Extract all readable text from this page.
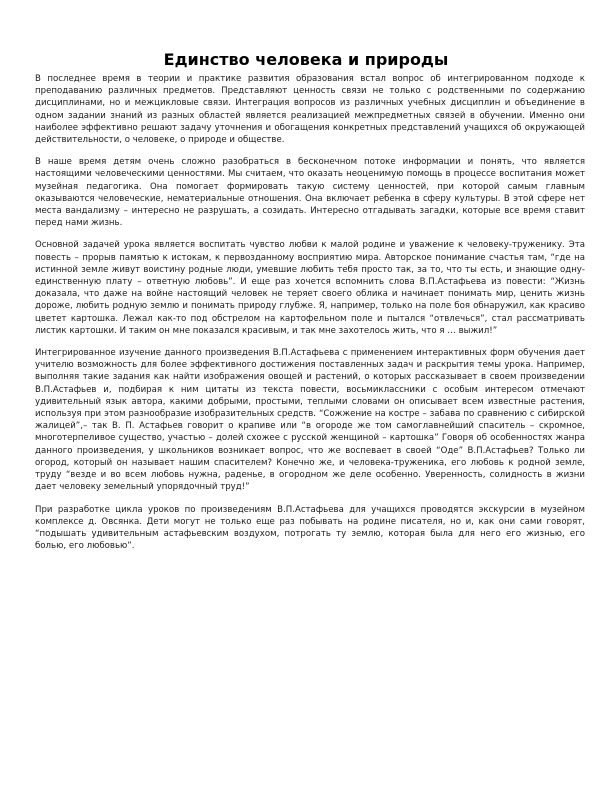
Единство человека и природы

В последнее время в теории и практике развития образования встал вопрос об интегрированном подходе к преподаванию различных предметов. Представляют ценность связи не только с родственными по содержанию дисциплинами, но и межцикловые связи. Интеграция вопросов из различных учебных дисциплин и объединение в одном задании знаний из разных областей является реализацией межпредметных связей в обучении. Именно они наиболее эффективно решают задачу уточнения и обогащения конкретных представлений учащихся об окружающей действительности, о человеке, о природе и обществе.

В наше время детям очень сложно разобраться в бесконечном потоке информации и понять, что является настоящими человеческими ценностями. Мы считаем, что оказать неоценимую помощь в процессе воспитания может музейная педагогика. Она помогает формировать такую систему ценностей, при которой самым главным оказываются человеческие, нематериальные отношения. Она включает ребенка в сферу культуры. В этой сфере нет места вандализму – интересно не разрушать, а созидать. Интересно отгадывать загадки, которые все время ставит перед нами жизнь.

Основной задачей урока является воспитать чувство любви к малой родине и уважение к человеку-труженику. Эта повесть – прорыв памятью к истокам, к первозданному восприятию мира. Авторское понимание счастья там, “где на истинной земле живут воистину родные люди, умевшие любить тебя просто так, за то, что ты есть, и знающие одну-единственную плату – ответную любовь”. И еще раз хочется вспомнить слова В.П.Астафьева из повести: “Жизнь доказала, что даже на войне настоящий человек не теряет своего облика и начинает понимать мир, ценить жизнь дороже, любить родную землю и понимать природу глубже. Я, например, только на поле боя обнаружил, как красиво цветет картошка. Лежал как-то под обстрелом на картофельном поле и пытался “отвлечься”, стал рассматривать листик картошки. И таким он мне показался красивым, и так мне захотелось жить, что я … выжил!”

Интегрированное изучение данного произведения В.П.Астафьева с применением интерактивных форм обучения дает учителю возможность для более эффективного достижения поставленных задач и раскрытия темы урока. Например, выполняя такие задания как найти изображения овощей и растений, о которых рассказывает в своем произведении В.П.Астафьев и, подбирая к ним цитаты из текста повести, восьмиклассники с особым интересом отмечают удивительный язык автора, какими добрыми, простыми, теплыми словами он описывает всем известные растения, используя при этом разнообразие изобразительных средств. “Сожжение на костре – забава по сравнению с сибирской жалицей”,– так В. П. Астафьев говорит о крапиве или “в огороде же том самоглавнейший спаситель – скромное, многотерпеливое существо, участью – долей схожее с русской женщиной – картошка” Говоря об особенностях жанра данного произведения, у школьников возникает вопрос, что же воспевает в своей “Оде” В.П.Астафьев? Только ли огород, который он называет нашим спасителем? Конечно же, и человека-труженика, его любовь к родной земле, труду “везде и во всем любовь нужна, раденье, в огородном же деле особенно. Уверенность, солидность в жизни дает человеку земельный упорядочный труд!”

При разработке цикла уроков по произведениям В.П.Астафьева для учащихся проводятся экскурсии в музейном комплексе д. Овсянка. Дети могут не только еще раз побывать на родине писателя, но и, как они сами говорят, “подышать удивительным астафьевским воздухом, потрогать ту землю, которая была для него его жизнью, его болью, его любовью”.
